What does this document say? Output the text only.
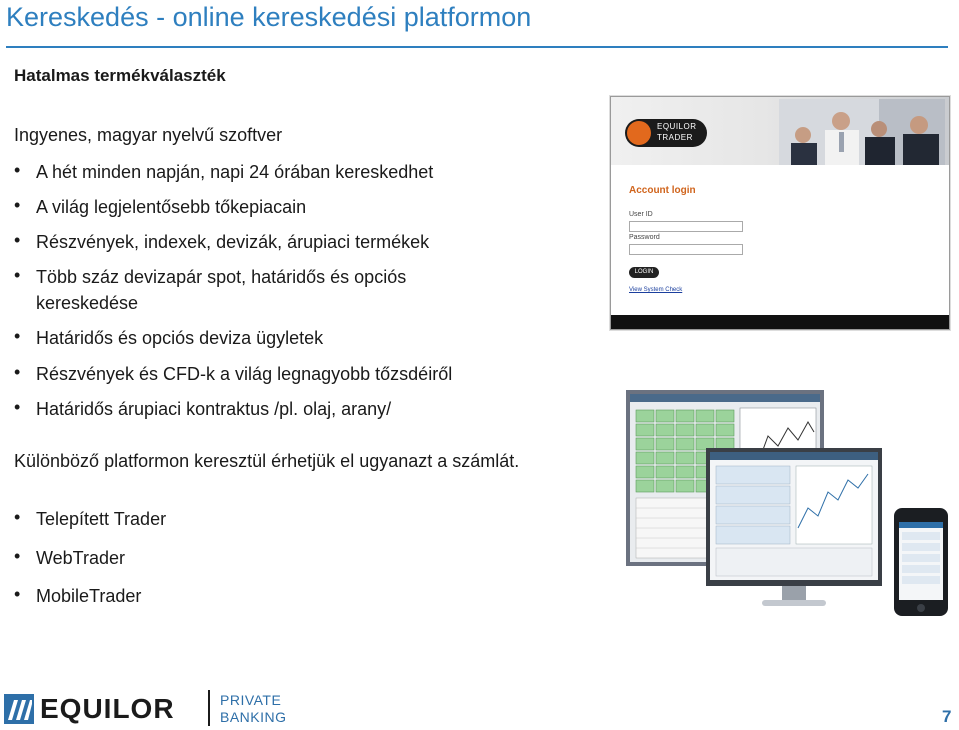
Kereskedés - online kereskedési platformon
Hatalmas termékválaszték
Ingyenes, magyar nyelvű szoftver
• A hét minden napján, napi 24 órában kereskedhet
• A világ legjelentősebb tőkepiacain
• Részvények, indexek, devizák, árupiaci termékek
• Több száz devizapár spot, határidős és opciós
kereskedése
• Határidős és opciós deviza ügyletek
• Részvények és CFD-k a világ legnagyobb tőzsdéiről
• Határidős árupiaci kontraktus /pl. olaj, arany/
• Telepített Trader
• WebTrader
• MobileTrader
Különböző platformon keresztül érhetjük el ugyanazt a számlát.
EQUILOR
TRADER
Account login
User ID
Password
LOGIN
View System Check
EQUILOR	PRIVATE
BANKING	7
